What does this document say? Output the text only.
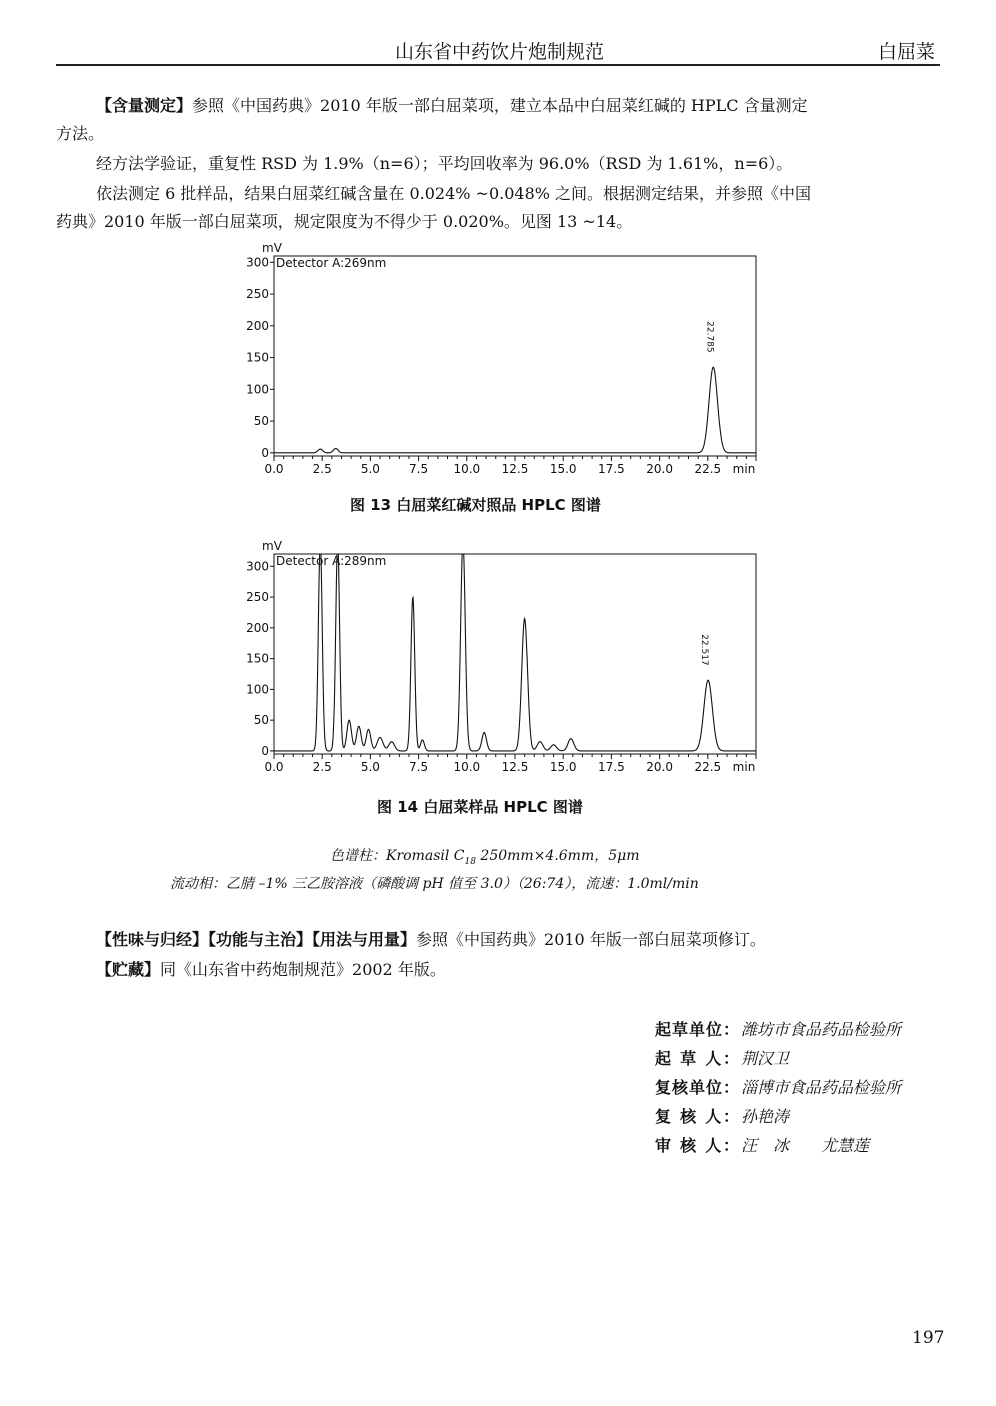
山东省中药饮片炮制规范	白屈菜
【含量测定】参照《中国药典》2010 年版一部白屈菜项，建立本品中白屈菜红碱的 HPLC 含量测定
方法。
经方法学验证，重复性 RSD 为 1.9%（n=6）；平均回收率为 96.0%（RSD 为 1.61%，n=6）。
依法测定 6 批样品，结果白屈菜红碱含量在 0.024% ~0.048% 之间。根据测定结果，并参照《中国
药典》2010 年版一部白屈菜项，规定限度为不得少于 0.020%。见图 13 ~14。
Detector A:269nm
mV
0
50
100
150
200
250
300
0.0 2.5 5.0 7.5 10.0 12.5 15.0 17.5 20.0 22.5 min
22.785
图 13 白屈菜红碱对照品 HPLC 图谱
Detector A:289nm
mV
0
50
100
150
200
250
300
0.0 2.5 5.0 7.5 10.0 12.5 15.0 17.5 20.0 22.5 min
22.517
图 14 白屈菜样品 HPLC 图谱
色谱柱：Kromasil $C_{18}$ 250mm×4.6mm，5μm
流动相：乙腈 –1% 三乙胺溶液（磷酸调 pH 值至 3.0）（26:74），流速：1.0ml/min
【性味与归经】【功能与主治】【用法与用量】参照《中国药典》2010 年版一部白屈菜项修订。
【贮藏】同《山东省中药炮制规范》2002 年版。
起草单位： 潍坊市食品药品检验所
起 草 人： 荆汉卫
复核单位： 淄博市食品药品检验所
复 核 人： 孙艳涛
审 核 人： 汪　冰　　尤慧莲
197
